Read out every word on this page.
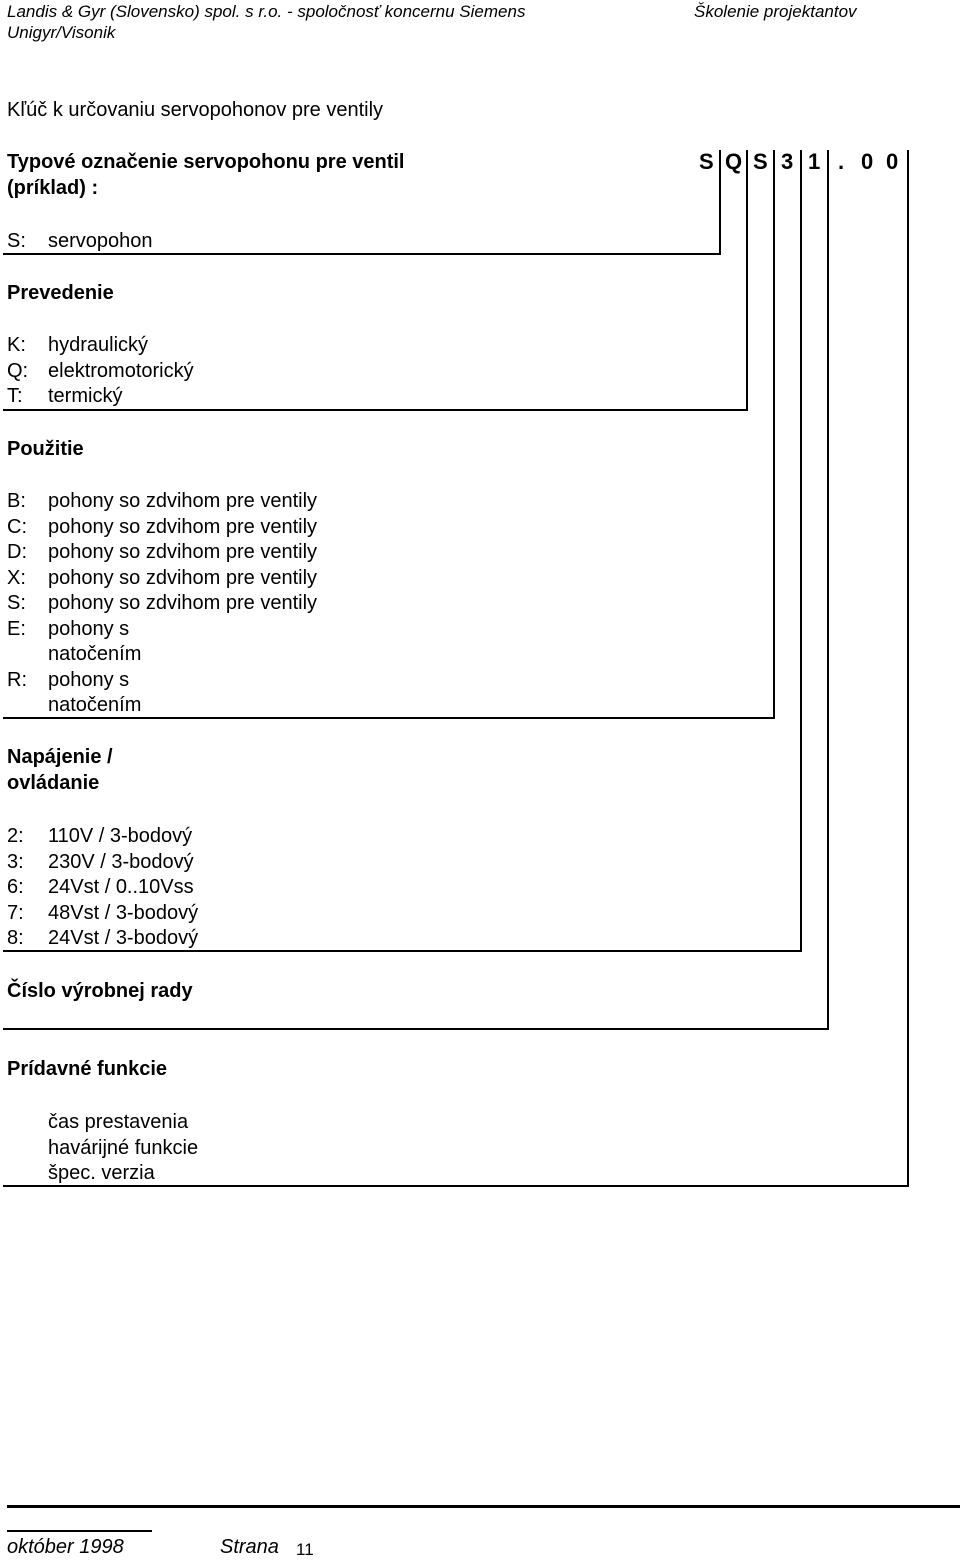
Landis & Gyr (Slovensko) spol. s r.o. - spoločnosť koncernu Siemens	Školenie projektantov
Unigyr/Visonik
Kľúč k určovaniu servopohonov pre ventily
Typové označenie servopohonu pre ventil
(príklad) :
S Q S 3 1 . 0 0
S: servopohon
Prevedenie
K: hydraulický
Q: elektromotorický
T: termický
Použitie
B: pohony so zdvihom pre ventily
C: pohony so zdvihom pre ventily
D: pohony so zdvihom pre ventily
X: pohony so zdvihom pre ventily
S: pohony so zdvihom pre ventily
E: pohony s
natočením
R: pohony s
natočením
Napájenie /
ovládanie
2: 110V / 3-bodový
3: 230V / 3-bodový
6: 24Vst / 0..10Vss
7: 48Vst / 3-bodový
8: 24Vst / 3-bodový
Číslo výrobnej rady
Prídavné funkcie
čas prestavenia
havárijné funkcie
špec. verzia
október 1998	Strana 11
